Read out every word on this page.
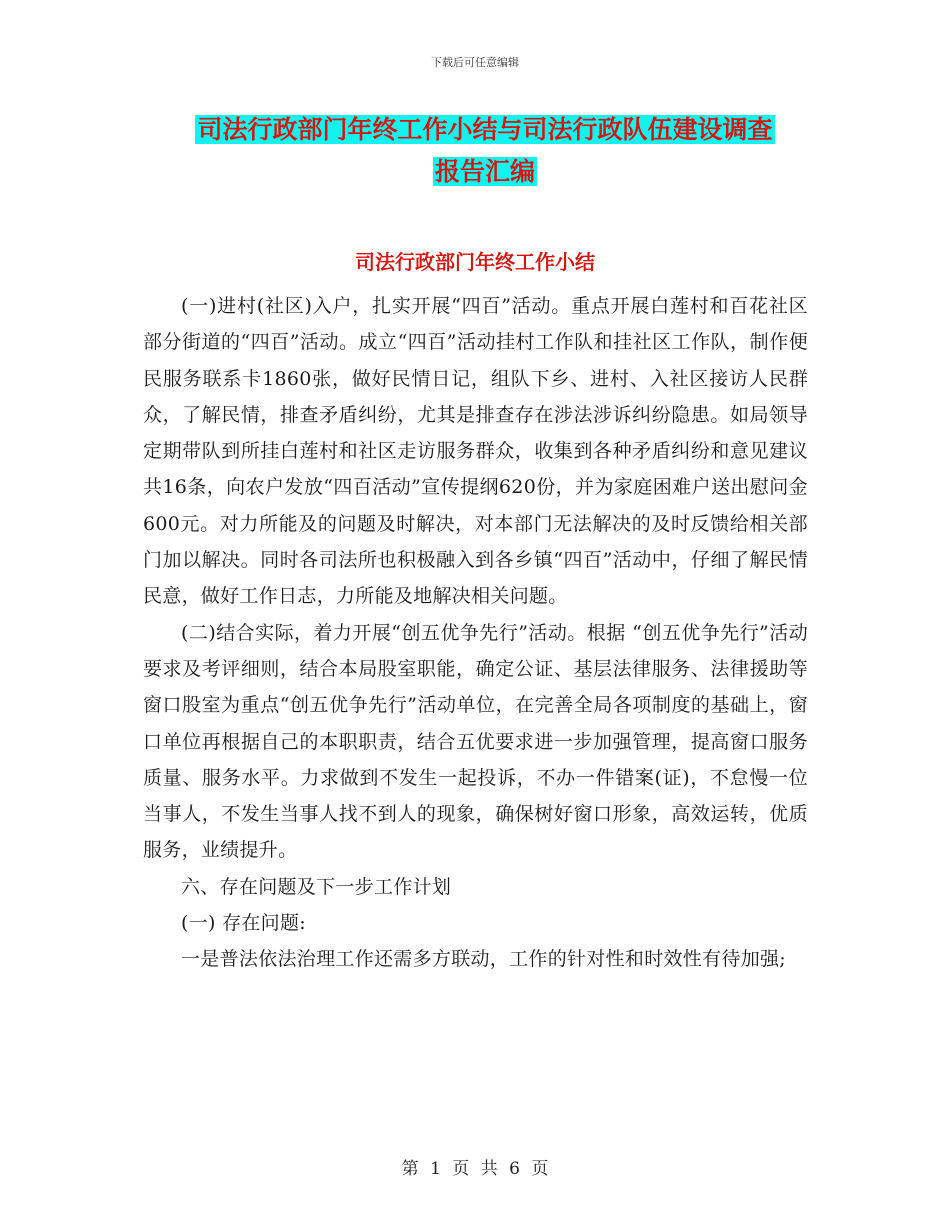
下载后可任意编辑
司法行政部门年终工作小结与司法行政队伍建设调查
报告汇编
司法行政部门年终工作小结

(一)进村(社区)入户，扎实开展“四百”活动。重点开展白莲村和百花社区部分街道的“四百”活动。成立“四百”活动挂村工作队和挂社区工作队，制作便民服务联系卡1860张，做好民情日记，组队下乡、进村、入社区接访人民群众，了解民情，排查矛盾纠纷，尤其是排查存在涉法涉诉纠纷隐患。如局领导定期带队到所挂白莲村和社区走访服务群众，收集到各种矛盾纠纷和意见建议共16条，向农户发放“四百活动”宣传提纲620份，并为家庭困难户送出慰问金600元。对力所能及的问题及时解决，对本部门无法解决的及时反馈给相关部门加以解决。同时各司法所也积极融入到各乡镇“四百”活动中，仔细了解民情民意，做好工作日志，力所能及地解决相关问题。

(二)结合实际，着力开展“创五优争先行”活动。根据 “创五优争先行”活动要求及考评细则，结合本局股室职能，确定公证、基层法律服务、法律援助等窗口股室为重点“创五优争先行”活动单位，在完善全局各项制度的基础上，窗口单位再根据自己的本职职责，结合五优要求进一步加强管理，提高窗口服务质量、服务水平。力求做到不发生一起投诉，不办一件错案(证)，不怠慢一位当事人，不发生当事人找不到人的现象，确保树好窗口形象，高效运转，优质服务，业绩提升。

六、存在问题及下一步工作计划

(一) 存在问题:

一是普法依法治理工作还需多方联动，工作的针对性和时效性有待加强;

第 1 页 共 6 页
